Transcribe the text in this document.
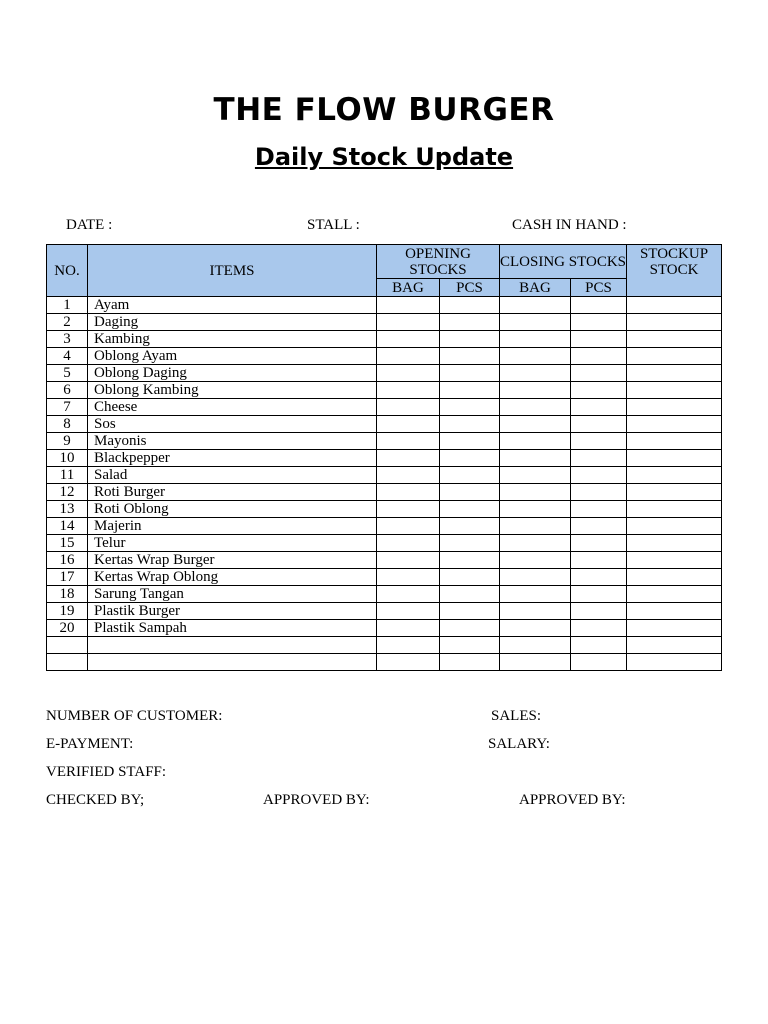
THE FLOW BURGER
Daily Stock Update
DATE :	STALL :	CASH IN HAND :
NO.	ITEMS	OPENING STOCKS		CLOSING STOCKS		STOCKUP STOCK
		BAG	PCS	BAG	PCS	
1	Ayam					
2	Daging					
3	Kambing					
4	Oblong Ayam					
5	Oblong Daging					
6	Oblong Kambing					
7	Cheese					
8	Sos					
9	Mayonis					
10	Blackpepper					
11	Salad					
12	Roti Burger					
13	Roti Oblong					
14	Majerin					
15	Telur					
16	Kertas Wrap Burger					
17	Kertas Wrap Oblong					
18	Sarung Tangan					
19	Plastik Burger					
20	Plastik Sampah					

NUMBER OF CUSTOMER:	SALES:
E-PAYMENT:	SALARY:
VERIFIED STAFF:
CHECKED BY;	APPROVED BY:	APPROVED BY:
